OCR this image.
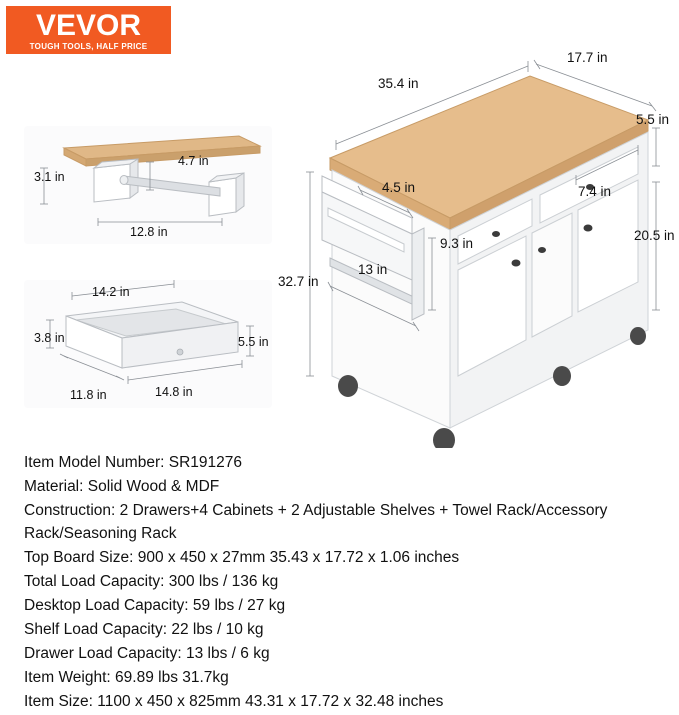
VEVOR
TOUGH TOOLS, HALF PRICE
3.1 in
4.7 in
12.8 in
14.2 in
3.8 in	5.5 in
11.8 in	14.8 in
35.4 in
17.7 in
5.5 in
20.5 in
32.7 in
4.5 in	7.4 in
9.3 in
13 in
Item Model Number: SR191276
Material: Solid Wood & MDF
Construction: 2 Drawers+4 Cabinets + 2 Adjustable Shelves + Towel Rack/Accessory Rack/Seasoning Rack
Top Board Size: 900 x 450 x 27mm 35.43 x 17.72 x 1.06 inches
Total Load Capacity: 300 lbs / 136 kg
Desktop Load Capacity: 59 lbs / 27 kg
Shelf Load Capacity: 22 lbs / 10 kg
Drawer Load Capacity: 13 lbs / 6 kg
Item Weight: 69.89 lbs 31.7kg
Item Size: 1100 x 450 x 825mm 43.31 x 17.72 x 32.48 inches
